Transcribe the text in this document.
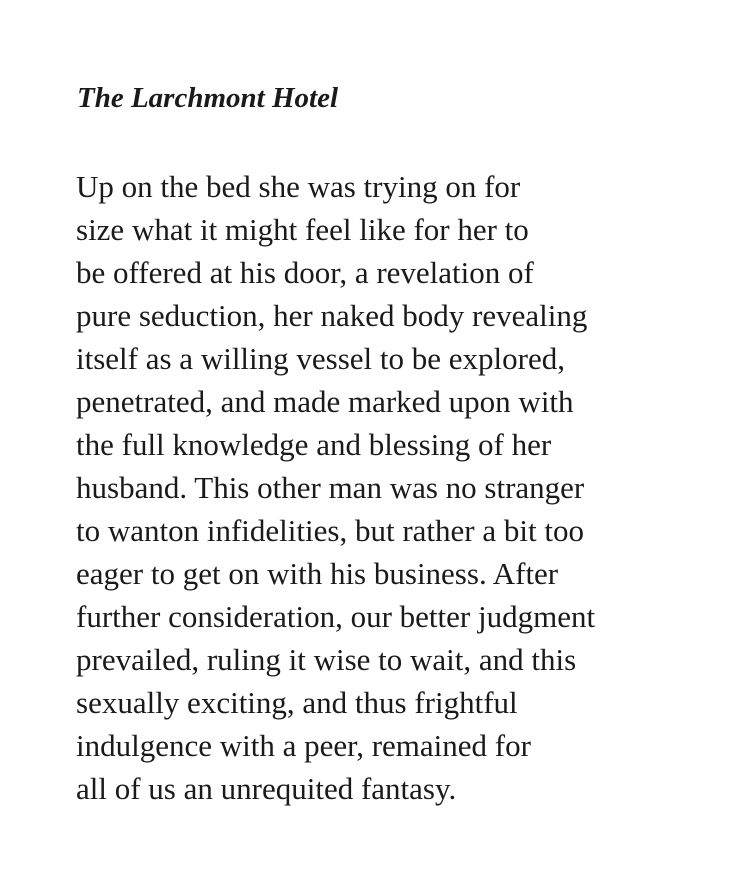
The Larchmont Hotel
Up on the bed she was trying on for
size what it might feel like for her to
be offered at his door, a revelation of
pure seduction, her naked body revealing
itself as a willing vessel to be explored,
penetrated, and made marked upon with
the full knowledge and blessing of her
husband. This other man was no stranger
to wanton infidelities, but rather a bit too
eager to get on with his business. After
further consideration, our better judgment
prevailed, ruling it wise to wait, and this
sexually exciting, and thus frightful
indulgence with a peer, remained for
all of us an unrequited fantasy.
